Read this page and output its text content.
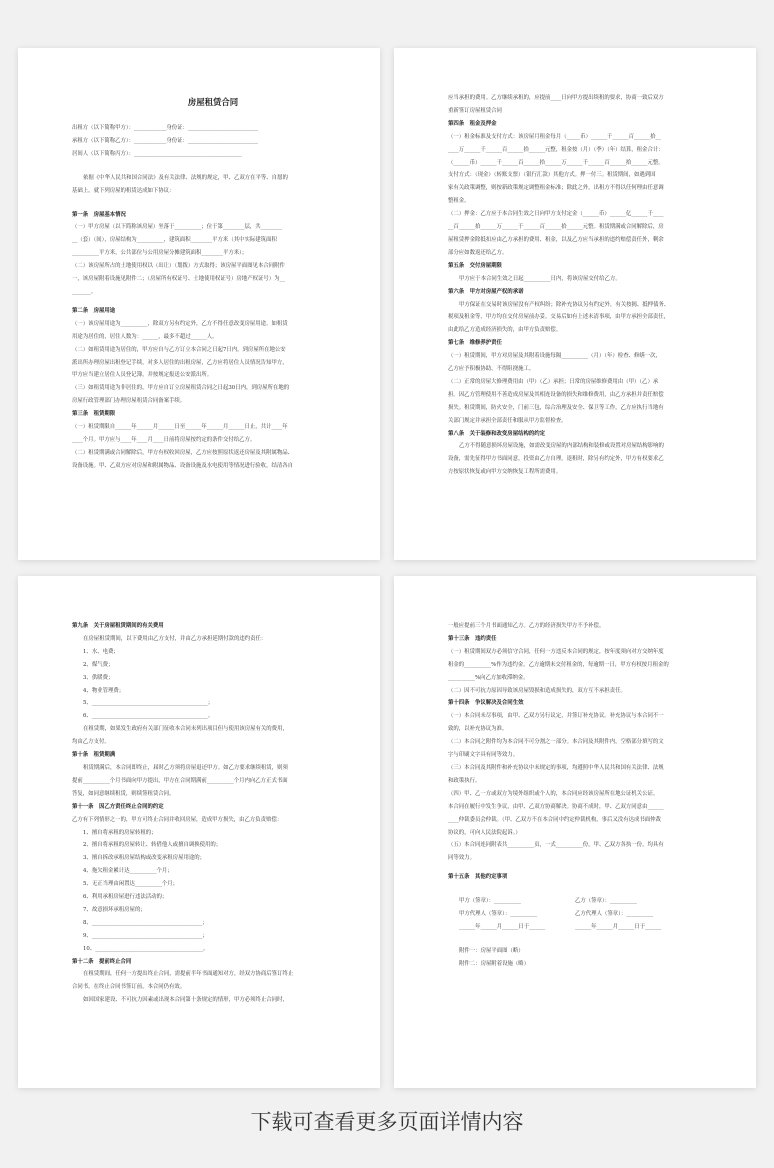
房屋租赁合同
出租方（以下简称甲方）：____________身份证：__________________________
承租方（以下简称乙方）：____________身份证：__________________________
居间人（以下简称丙方）：________________________________________
依据《中华人民共和国合同法》及有关法律、法规的规定，甲、乙双方在平等、自愿的
基础上，就下列房屋的租赁达成如下协议：
第一条　房屋基本情况
（一）甲方房屋（以下简称该房屋）坐落于__________；位于第________层，共________
__（套）（间），房屋结构为__________，建筑面积________平方米（其中实际建筑面积
__________平方米，公共部位与公用房屋分摊建筑面积________平方米）；
（二）该房屋所占的土地使用权以（出让）（划拨）方式取得；该房屋平面图见本合同附件
一，该房屋附着设施见附件二；（房屋所有权证号、土地使用权证号）房地产权证号）为__
_______。
第二条　房屋用途
（一）该房屋用途为__________，除双方另有约定外，乙方不得任意改变房屋用途。如租赁
用途为居住的，居住人数为：______，最多不超过______人。
（二）如租赁用途为居住的，甲方应自与乙方订立本合同之日起7日内，到房屋所在地公安
派出所办理房屋出租登记手续，对多人居住的出租房屋，乙方应将居住人员情况告知甲方，
甲方应当建立居住人员登记簿，并按规定报送公安派出所。
（三）如租赁用途为非居住的，甲方应自订立房屋租赁合同之日起30日内，到房屋所在地的
房屋行政管理部门办理房屋租赁合同备案手续。
第三条　租赁期限
（一）租赁期限自______年______月______日至______年______月______日止，共计____年
____个月。甲方应与____年____月____日前将房屋按约定的条件交付给乙方。
（二）租赁期满或合同解除后，甲方有权收回房屋，乙方应按照原状返还房屋及其附属物品、
设备设施。甲、乙双方应对房屋和附属物品、设备设施及水电使用等情况进行验收，结清各自
应当承担的费用。乙方继续承租的，应提前____日向甲方提出续租的要求，协商一致后双方
重新签订房屋租赁合同
第四条　租金及押金
（一）租金标准及支付方式：该房屋月租金每月（_____币）______千______百______拾__
____万______千______百______拾______元整，租金按（月）（季）（年）结算，租金合计：
（______币）______千______百______拾______万______千______百______拾______元整。
支付方式：（现金）（转账支票）（银行汇款）其他方式。押一付三。租赁期间，如遇到国
家有关政策调整，则按新政策规定调整租金标准；除此之外，出租方不得以任何理由任意调
整租金。
（二）押金：乙方应于本合同生效之日向甲方支付定金（______币）______亿______千____
__百______拾______万______千______百______拾______元整。租赁期满或合同解除后，房
屋租赁押金除抵扣应由乙方承担的费用、租金，以及乙方应当承担的违约赔偿责任外，剩余
部分应如数返还给乙方。
第五条　交付房屋期限
甲方应于本合同生效之日起__________日内，将该房屋交付给乙方。
第六条　甲方对房屋产权的承诺
甲方保证在交易时该房屋没有产权纠纷；除补充协议另有约定外，有关按揭、抵押债务、
税项及租金等，甲方均在交付房屋前办妥。交易后如有上述未清事项，由甲方承担全部责任，
由此给乙方造成经济损失的，由甲方负责赔偿。
第七条　维修养护责任
（一）租赁期间，甲方对房屋及其附着设施每隔__________（月）（年）检查、修缮一次，
乙方应予积极协助，不得阻挠施工。
（二）正常的房屋大修理费用由（甲）（乙）承担；日常的房屋维修费用由（甲）（乙）承
担。因乙方管理使用不善造成房屋及其相连设备的损失和维修费用，由乙方承担并责任赔偿
损失。租赁期间，防火安全，门前三包，综合治理及安全、保卫等工作，乙方应执行当地有
关部门规定并承担全部责任和服从甲方监督检查。
第八条　关于装修和改变房屋结构的约定
乙方不得随意损坏房屋设施，如需改变房屋的内部结构和装修或设置对房屋结构影响的
设备，需先征得甲方书面同意，投资由乙方自理。退租时，除另有约定外，甲方有权要求乙
方按原状恢复或向甲方交纳恢复工程所需费用。
第九条　关于房屋租赁期间的有关费用
在房屋租赁期间，以下费用由乙方支付，并由乙方承担延期付款的违约责任：
1、水、电费；
2、煤气费；
3、供暖费；
4、物业管理费；
5、___________________________________________；
6、___________________________________________。
在租赁期，如果发生政府有关部门征收本合同未列出项目但与使用该房屋有关的费用，
均由乙方支付。
第十条　租赁期满
租赁期满后，本合同即终止，届时乙方须将房屋退还甲方。如乙方要求继续租赁，则须
提前__________个月书面向甲方提出，甲方在合同期满前__________个月内向乙方正式书面
答复，如同意继续租赁，则续签租赁合同。
第十一条　因乙方责任终止合同的约定
乙方有下列情形之一的，甲方可终止合同并收回房屋，造成甲方损失，由乙方负责赔偿：
1、擅自将承租的房屋转租的；
2、擅自将承租的房屋转让、转借他人或擅自调换使用的；
3、擅自拆改承租房屋结构或改变承租房屋用途的；
4、拖欠租金累计达__________个月；
5、无正当理由闲置达__________个月；
6、利用承租房屋进行违法活动的；
7、故意损坏承租房屋的；
8、_________________________________________；
9、_________________________________________；
10、________________________________________。
第十二条　提前终止合同
在租赁期间，任何一方提出终止合同，需提前半年书面通知对方，经双方协商后签订终止
合同书，在终止合同书签订前，本合同仍有效。
如因国家建设、不可抗力因素或出现本合同第十条规定的情形，甲方必须终止合同时，
一般应提前三个月书面通知乙方。乙方的经济损失甲方不予补偿。
第十三条　违约责任
（一）租赁期间双方必须信守合同，任何一方违反本合同的规定，按年度须向对方交纳年度
租金的__________%作为违约金。乙方逾期未交付租金的，每逾期一日，甲方有权按月租金的
__________%向乙方加收滞纳金。
（二）因不可抗力原因导致该房屋毁损和造成损失的，双方互不承担责任。
第十四条　争议解决及合同生效
（一）本合同未尽事项，由甲、乙双方另行议定，并签订补充协议。补充协议与本合同不一
致的，以补充协议为准。
（二）本合同之附件均为本合同不可分割之一部分。本合同及其附件内，空格部分填写的文
字与印刷文字具有同等效力。
（三）本合同及其附件和补充协议中未规定的事项，均遵照中华人民共和国有关法律、法规
和政策执行。
（四）甲、乙一方或双方为境外组织或个人的，本合同应经该房屋所在地公证机关公证。
本合同在履行中发生争议，由甲、乙双方协商解决。协商不成时，甲、乙双方同意由______
____仲裁委员会仲裁。（甲、乙双方不在本合同中约定仲裁机构，事后又没有达成书面仲裁
协议的，可向人民法院起诉。）
（五）本合同连同附表共__________页，一式__________份，甲、乙双方各执一份，均具有
同等效力。
第十五条　其他约定事项
甲方（签章）：__________	乙方（签章）：__________
甲方代理人（签章）：__________	乙方代理人（签章）：__________
______年______月______日于______	______年______月______日于______
附件一：房屋平面图（略）
附件二：房屋附着设施（略）
下载可查看更多页面详情内容
